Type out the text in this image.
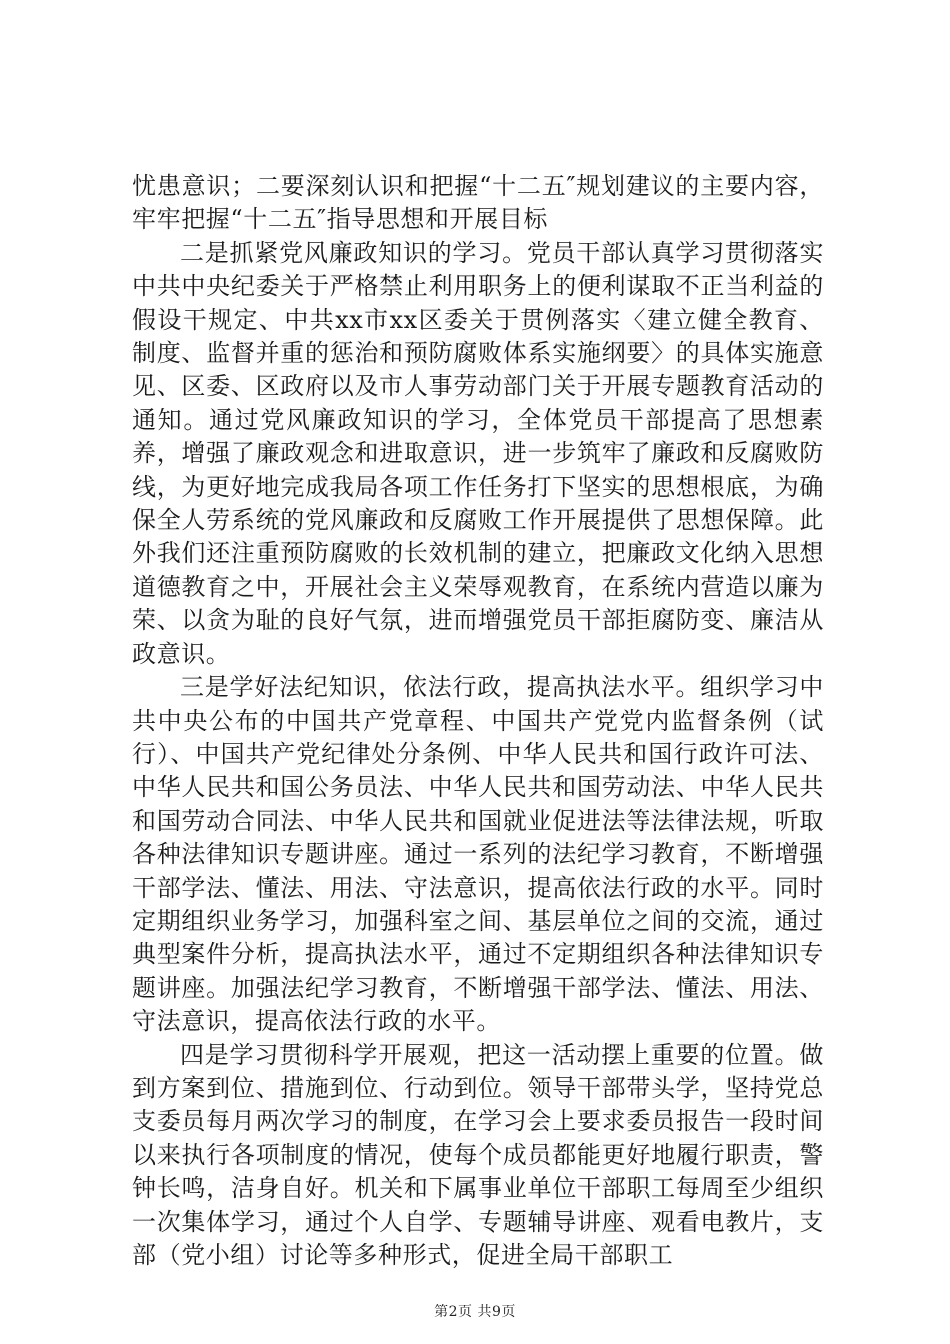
忧患意识；二要深刻认识和把握“十二五″规划建议的主要内容，牢牢把握“十二五″指导思想和开展目标

二是抓紧党风廉政知识的学习。党员干部认真学习贯彻落实中共中央纪委关于严格禁止利用职务上的便利谋取不正当利益的假设干规定、中共xx市xx区委关于贯例落实〈建立健全教育、制度、监督并重的惩治和预防腐败体系实施纲要〉的具体实施意见、区委、区政府以及市人事劳动部门关于开展专题教育活动的通知。通过党风廉政知识的学习，全体党员干部提高了思想素养，增强了廉政观念和进取意识，进一步筑牢了廉政和反腐败防线，为更好地完成我局各项工作任务打下坚实的思想根底，为确保全人劳系统的党风廉政和反腐败工作开展提供了思想保障。此外我们还注重预防腐败的长效机制的建立，把廉政文化纳入思想道德教育之中，开展社会主义荣辱观教育，在系统内营造以廉为荣、以贪为耻的良好气氛，进而增强党员干部拒腐防变、廉洁从政意识。

三是学好法纪知识，依法行政，提高执法水平。组织学习中共中央公布的中国共产党章程、中国共产党党内监督条例（试行）、中国共产党纪律处分条例、中华人民共和国行政许可法、中华人民共和国公务员法、中华人民共和国劳动法、中华人民共和国劳动合同法、中华人民共和国就业促进法等法律法规，听取各种法律知识专题讲座。通过一系列的法纪学习教育，不断增强干部学法、懂法、用法、守法意识，提高依法行政的水平。同时定期组织业务学习，加强科室之间、基层单位之间的交流，通过典型案件分析，提高执法水平，通过不定期组织各种法律知识专题讲座。加强法纪学习教育，不断增强干部学法、懂法、用法、守法意识，提高依法行政的水平。

四是学习贯彻科学开展观，把这一活动摆上重要的位置。做到方案到位、措施到位、行动到位。领导干部带头学，坚持党总支委员每月两次学习的制度，在学习会上要求委员报告一段时间以来执行各项制度的情况，使每个成员都能更好地履行职责，警钟长鸣，洁身自好。机关和下属事业单位干部职工每周至少组织一次集体学习，通过个人自学、专题辅导讲座、观看电教片，支部（党小组）讨论等多种形式，促进全局干部职工

第2页 共9页
